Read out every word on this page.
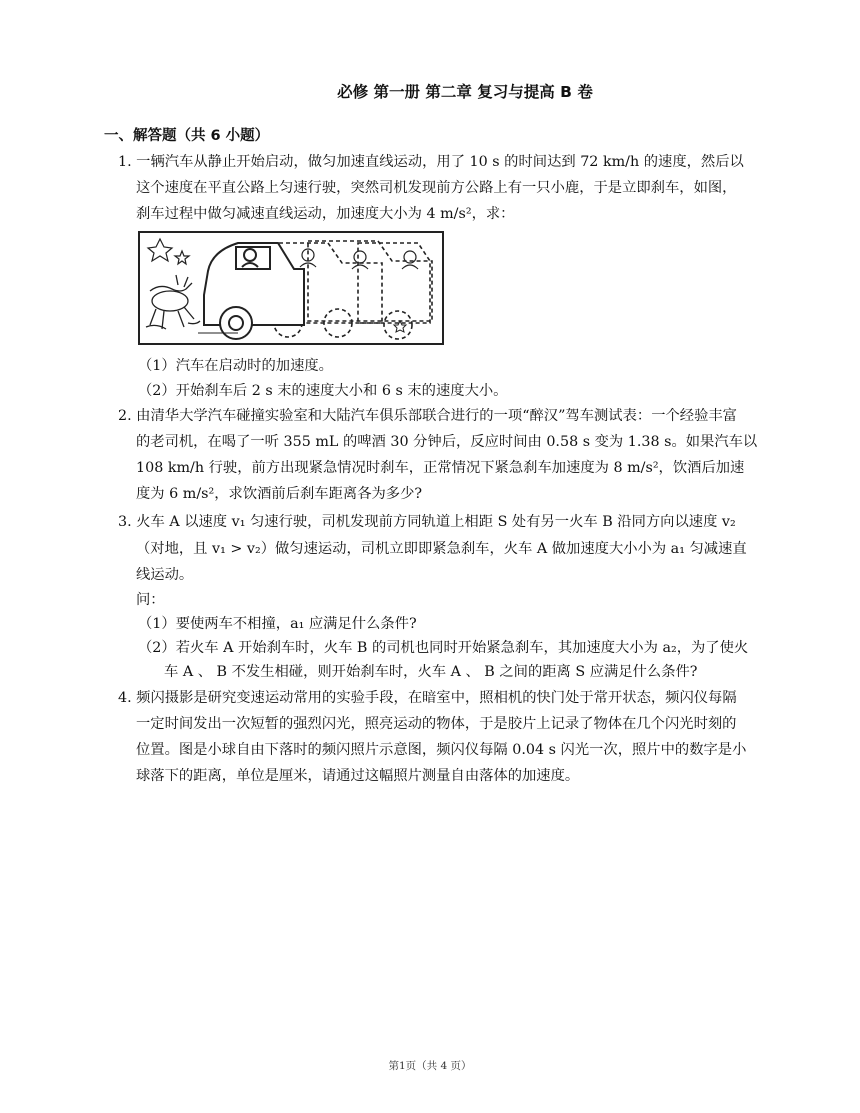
必修 第一册 第二章 复习与提高 B 卷
一、解答题（共 6 小题）
1. 一辆汽车从静止开始启动，做匀加速直线运动，用了 10 s 的时间达到 72 km/h 的速度，然后以
这个速度在平直公路上匀速行驶，突然司机发现前方公路上有一只小鹿，于是立即刹车，如图，
刹车过程中做匀减速直线运动，加速度大小为 4 m/s²，求：
（1）汽车在启动时的加速度。
（2）开始刹车后 2 s 末的速度大小和 6 s 末的速度大小。
2. 由清华大学汽车碰撞实验室和大陆汽车俱乐部联合进行的一项“醉汉”驾车测试表：一个经验丰富
的老司机，在喝了一听 355 mL 的啤酒 30 分钟后，反应时间由 0.58 s 变为 1.38 s。如果汽车以
108 km/h 行驶，前方出现紧急情况时刹车，正常情况下紧急刹车加速度为 8 m/s²，饮酒后加速
度为 6 m/s²，求饮酒前后刹车距离各为多少?
3. 火车 A 以速度 v₁ 匀速行驶，司机发现前方同轨道上相距 S 处有另一火车 B 沿同方向以速度 v₂
（对地，且 v₁ > v₂）做匀速运动，司机立即即紧急刹车，火车 A 做加速度大小小为 a₁ 匀减速直
线运动。
问：
（1）要使两车不相撞，a₁ 应满足什么条件?
（2）若火车 A 开始刹车时，火车 B 的司机也同时开始紧急刹车，其加速度大小为 a₂，为了使火
车 A 、 B 不发生相碰，则开始刹车时，火车 A 、 B 之间的距离 S 应满足什么条件?
4. 频闪摄影是研究变速运动常用的实验手段，在暗室中，照相机的快门处于常开状态，频闪仪每隔
一定时间发出一次短暂的强烈闪光，照亮运动的物体，于是胶片上记录了物体在几个闪光时刻的
位置。图是小球自由下落时的频闪照片示意图，频闪仪每隔 0.04 s 闪光一次，照片中的数字是小
球落下的距离，单位是厘米，请通过这幅照片测量自由落体的加速度。
第1页（共 4 页）
